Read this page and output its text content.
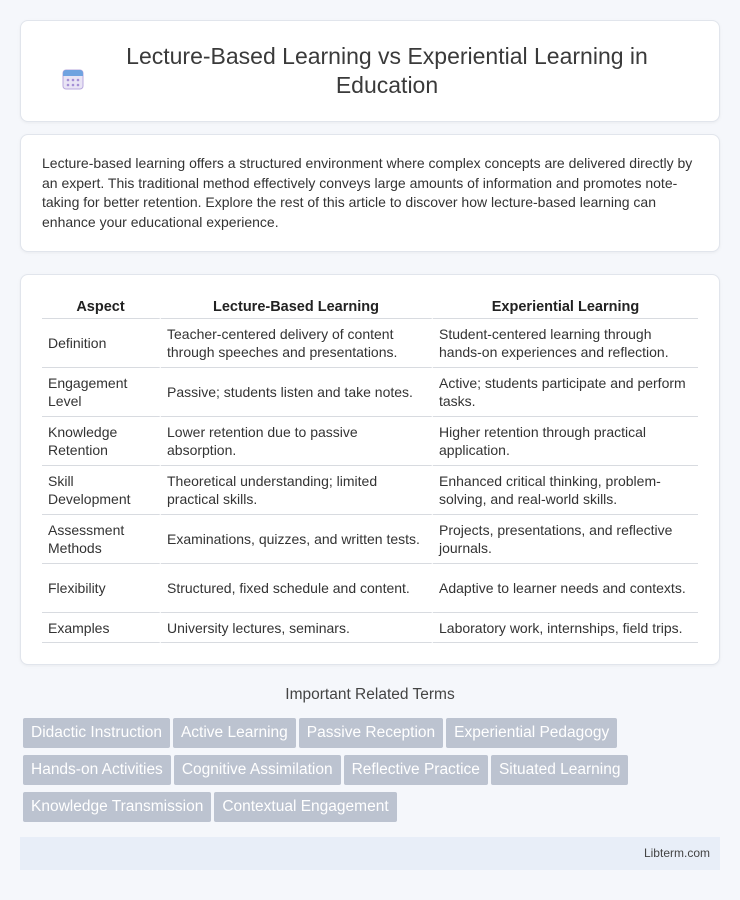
Lecture-Based Learning vs Experiential Learning in Education

Lecture-based learning offers a structured environment where complex concepts are delivered directly by an expert. This traditional method effectively conveys large amounts of information and promotes note-taking for better retention. Explore the rest of this article to discover how lecture-based learning can enhance your educational experience.

Aspect	Lecture-Based Learning	Experiential Learning
Definition	Teacher-centered delivery of content through speeches and presentations.	Student-centered learning through hands-on experiences and reflection.
Engagement Level	Passive; students listen and take notes.	Active; students participate and perform tasks.
Knowledge Retention	Lower retention due to passive absorption.	Higher retention through practical application.
Skill Development	Theoretical understanding; limited practical skills.	Enhanced critical thinking, problem-solving, and real-world skills.
Assessment Methods	Examinations, quizzes, and written tests.	Projects, presentations, and reflective journals.
Flexibility	Structured, fixed schedule and content.	Adaptive to learner needs and contexts.
Examples	University lectures, seminars.	Laboratory work, internships, field trips.
Important Related Terms
Didactic Instruction Active Learning Passive Reception Experiential Pedagogy
Hands-on Activities Cognitive Assimilation Reflective Practice Situated Learning
Knowledge Transmission Contextual Engagement
Libterm.com
